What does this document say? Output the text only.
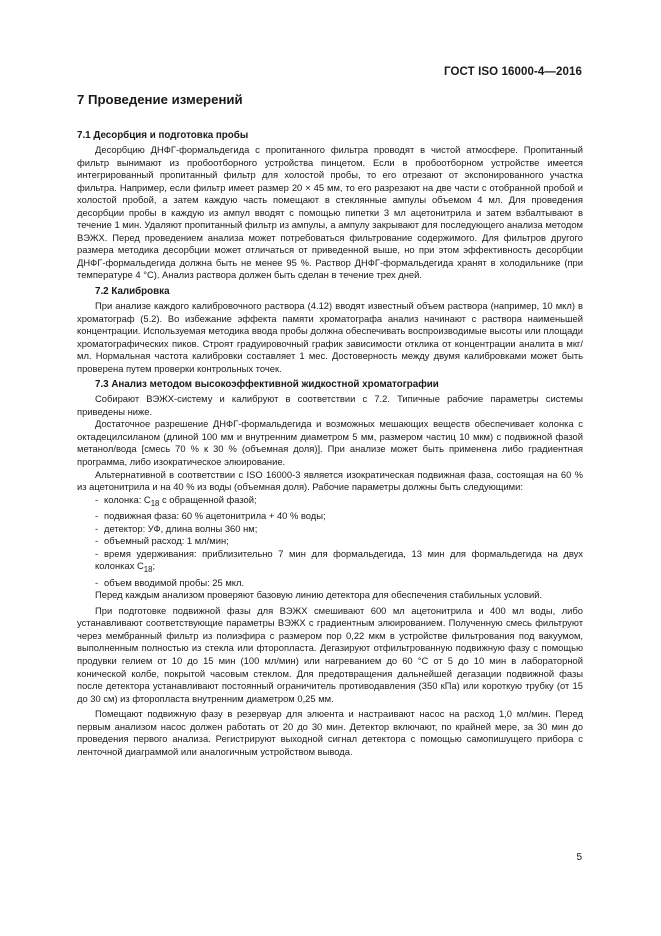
ГОСТ ISO 16000-4—2016
7 Проведение измерений
7.1 Десорбция и подготовка пробы

Десорбцию ДНФГ-формальдегида с пропитанного фильтра проводят в чистой атмосфере. Пропитанный фильтр вынимают из пробоотборного устройства пинцетом. Если в пробоотборном устройстве имеется интегрированный пропитанный фильтр для холостой пробы, то его отрезают от экспонированного участка фильтра. Например, если фильтр имеет размер 20 × 45 мм, то его разрезают на две части с отобранной пробой и холостой пробой, а затем каждую часть помещают в стеклянные ампулы объемом 4 мл. Для проведения десорбции пробы в каждую из ампул вводят с помощью пипетки 3 мл ацетонитрила и затем взбалтывают в течение 1 мин. Удаляют пропитанный фильтр из ампулы, а ампулу закрывают для последующего анализа методом ВЭЖХ. Перед проведением анализа может потребоваться фильтрование содержимого. Для фильтров другого размера методика десорбции может отличаться от приведенной выше, но при этом эффективность десорбции ДНФГ-формальдегида должна быть не менее 95 %. Раствор ДНФГ-формальдегида хранят в холодильнике (при температуре 4 °С). Анализ раствора должен быть сделан в течение трех дней.

7.2 Калибровка

При анализе каждого калибровочного раствора (4.12) вводят известный объем раствора (например, 10 мкл) в хроматограф (5.2). Во избежание эффекта памяти хроматографа анализ начинают с раствора наименьшей концентрации. Используемая методика ввода пробы должна обеспечивать воспроизводимые высоты или площади хроматографических пиков. Строят градуировочный график зависимости отклика от концентрации аналита в мкг/мл. Нормальная частота калибровки составляет 1 мес. Достоверность между двумя калибровками может быть проверена путем проверки контрольных точек.

7.3 Анализ методом высокоэффективной жидкостной хроматографии

Собирают ВЭЖХ-систему и калибруют в соответствии с 7.2. Типичные рабочие параметры системы приведены ниже.

Достаточное разрешение ДНФГ-формальдегида и возможных мешающих веществ обеспечивает колонка с октадецилсиланом (длиной 100 мм и внутренним диаметром 5 мм, размером частиц 10 мкм) с подвижной фазой метанол/вода [смесь 70 % к 30 % (объемная доля)]. При анализе может быть применена либо градиентная программа, либо изократическое элюирование.

Альтернативной в соответствии с ISO 16000-3 является изократическая подвижная фаза, состоящая на 60 % из ацетонитрила и на 40 % из воды (объемная доля). Рабочие параметры должны быть следующими:

- колонка: $С_{18}$ с обращенной фазой;
- подвижная фаза: 60 % ацетонитрила + 40 % воды;
- детектор: УФ, длина волны 360 нм;
- объемный расход: 1 мл/мин;
- время удерживания: приблизительно 7 мин для формальдегида, 13 мин для формальдегида на двух колонках $С_{18}$;
- объем вводимой пробы: 25 мкл.

Перед каждым анализом проверяют базовую линию детектора для обеспечения стабильных условий.

При подготовке подвижной фазы для ВЭЖХ смешивают 600 мл ацетонитрила и 400 мл воды, либо устанавливают соответствующие параметры ВЭЖХ с градиентным элюированием. Полученную смесь фильтруют через мембранный фильтр из полиэфира с размером пор 0,22 мкм в устройстве фильтрования под вакуумом, выполненным полностью из стекла или фторопласта. Дегазируют отфильтрованную подвижную фазу с помощью продувки гелием от 10 до 15 мин (100 мл/мин) или нагреванием до 60 °С от 5 до 10 мин в лабораторной конической колбе, покрытой часовым стеклом. Для предотвращения дальнейшей дегазации подвижной фазы после детектора устанавливают постоянный ограничитель противодавления (350 кПа) или короткую трубку (от 15 до 30 см) из фторопласта внутренним диаметром 0,25 мм.

Помещают подвижную фазу в резервуар для элюента и настраивают насос на расход 1,0 мл/мин. Перед первым анализом насос должен работать от 20 до 30 мин. Детектор включают, по крайней мере, за 30 мин до проведения первого анализа. Регистрируют выходной сигнал детектора с помощью самопишущего прибора с ленточной диаграммой или аналогичным устройством вывода.

5
